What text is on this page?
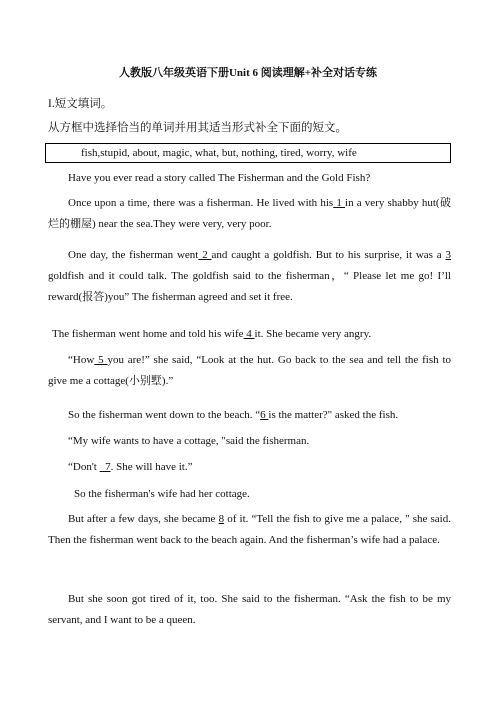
人教版八年级英语下册Unit 6 阅读理解+补全对话专练
I.短文填词。
从方框中选择恰当的单词并用其适当形式补全下面的短文。
fish,stupid, about, magic, what, but, nothing, tired, worry, wife
Have you ever read a story called The Fisherman and the Gold Fish?
Once upon a time, there was a fisherman. He lived with his 1 in a very shabby hut(破烂的棚屋) near the sea.They were very, very poor.
One day, the fisherman went 2 and caught a goldfish. But to his surprise, it was a 3 goldfish and it could talk. The goldfish said to the fisherman，“ Please let me go! I’ll reward(报答)you” The fisherman agreed and set it free.
The fisherman went home and told his wife 4 it. She became very angry.
“How 5 you are!” she said, “Look at the hut. Go back to the sea and tell the fish to give me a cottage(小别墅).”
So the fisherman went down to the beach. “6 is the matter?" asked the fish.
“My wife wants to have a cottage, "said the fisherman.
“Don't   7. She will have it.”
So the fisherman's wife had her cottage.
But after a few days, she became 8 of it. “Tell the fish to give me a palace, " she said. Then the fisherman went back to the beach again. And the fisherman’s wife had a palace.
But she soon got tired of it, too. She said to the fisherman. “Ask the fish to be my servant, and I want to be a queen.
